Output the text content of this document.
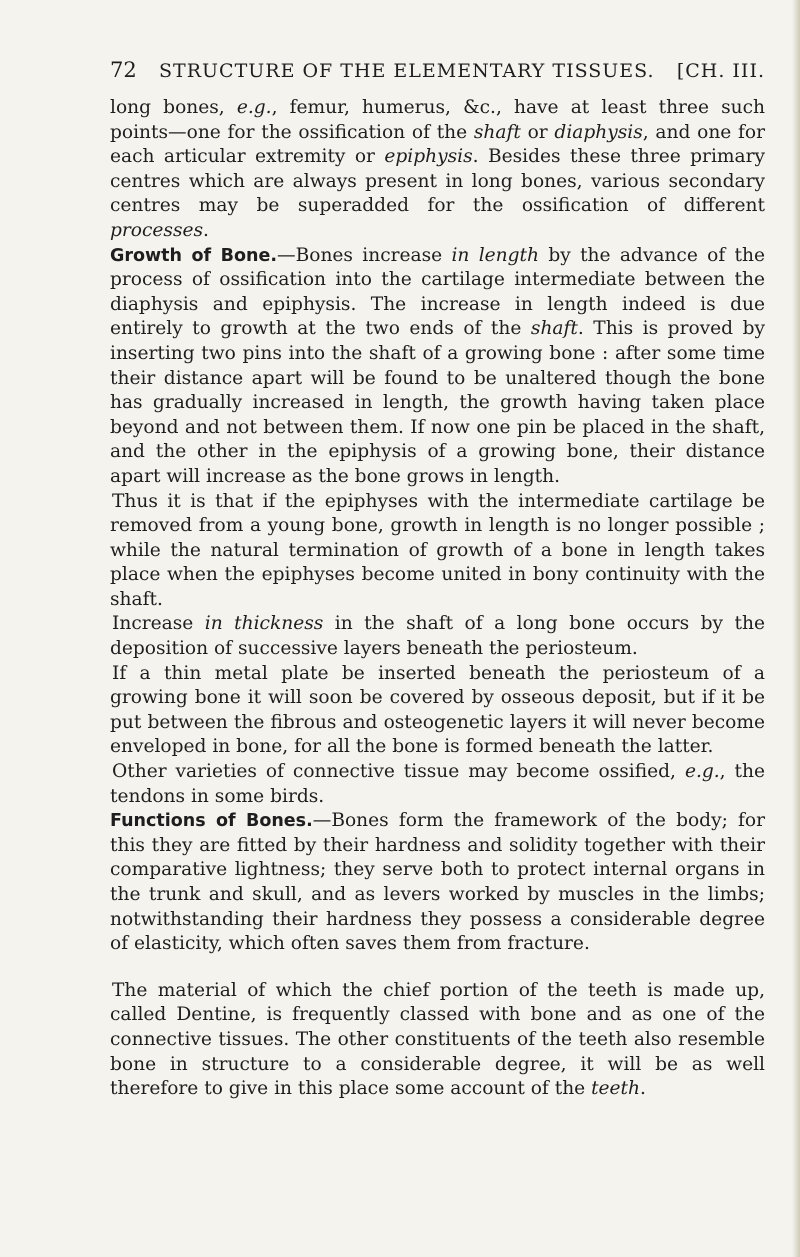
72 STRUCTURE OF THE ELEMENTARY TISSUES. [CH. III.

long bones, e.g., femur, humerus, &c., have at least three such points—one for the ossification of the shaft or diaphysis, and one for each articular extremity or epiphysis. Besides these three primary centres which are always present in long bones, various secondary centres may be superadded for the ossification of different processes.

Growth of Bone.—Bones increase in length by the advance of the process of ossification into the cartilage intermediate between the diaphysis and epiphysis. The increase in length indeed is due entirely to growth at the two ends of the shaft. This is proved by inserting two pins into the shaft of a growing bone : after some time their distance apart will be found to be unaltered though the bone has gradually increased in length, the growth having taken place beyond and not between them. If now one pin be placed in the shaft, and the other in the epiphysis of a growing bone, their distance apart will increase as the bone grows in length.

Thus it is that if the epiphyses with the intermediate cartilage be removed from a young bone, growth in length is no longer possible ; while the natural termination of growth of a bone in length takes place when the epiphyses become united in bony continuity with the shaft.

Increase in thickness in the shaft of a long bone occurs by the deposition of successive layers beneath the periosteum.

If a thin metal plate be inserted beneath the periosteum of a growing bone it will soon be covered by osseous deposit, but if it be put between the fibrous and osteogenetic layers it will never become enveloped in bone, for all the bone is formed beneath the latter.

Other varieties of connective tissue may become ossified, e.g., the tendons in some birds.

Functions of Bones.—Bones form the framework of the body; for this they are fitted by their hardness and solidity together with their comparative lightness; they serve both to protect internal organs in the trunk and skull, and as levers worked by muscles in the limbs; notwithstanding their hardness they possess a considerable degree of elasticity, which often saves them from fracture.

The material of which the chief portion of the teeth is made up, called Dentine, is frequently classed with bone and as one of the connective tissues. The other constituents of the teeth also resemble bone in structure to a considerable degree, it will be as well therefore to give in this place some account of the teeth.
